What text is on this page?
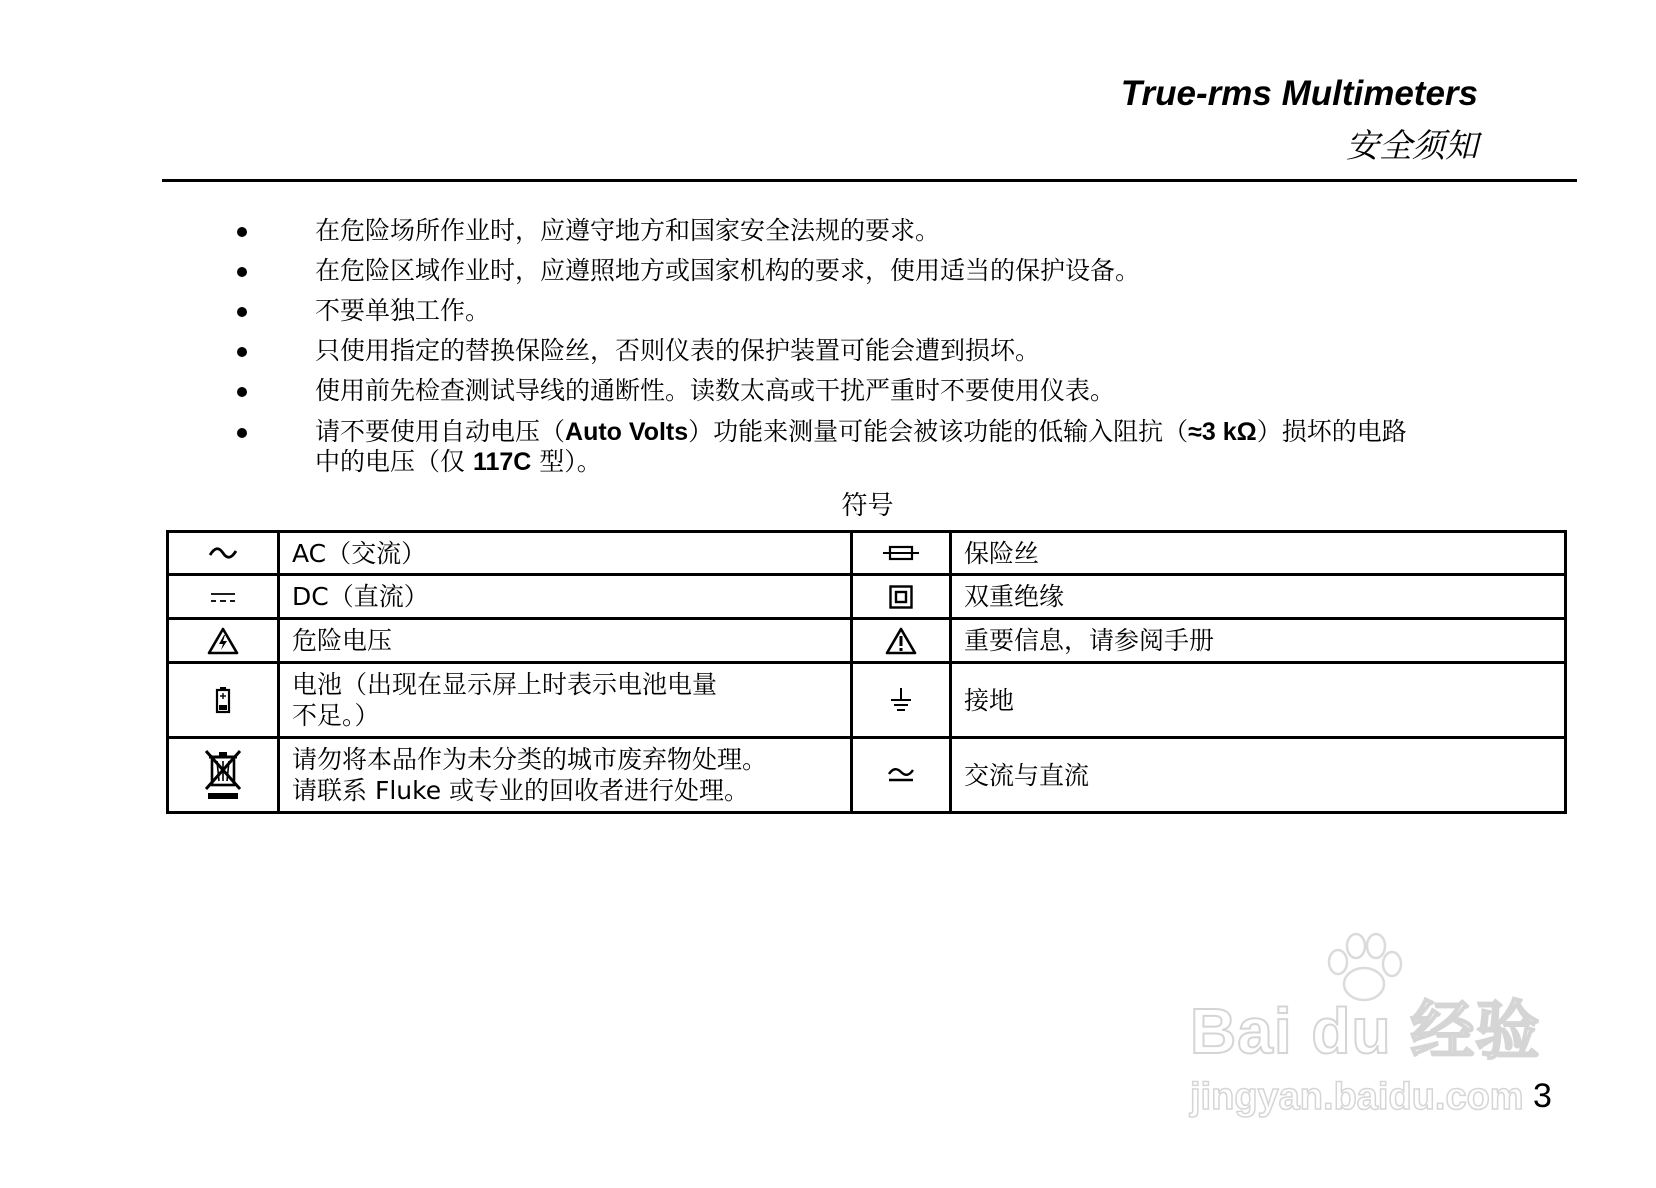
True-rms Multimeters
安全须知
在危险场所作业时，应遵守地方和国家安全法规的要求。
在危险区域作业时，应遵照地方或国家机构的要求，使用适当的保护设备。
不要单独工作。
只使用指定的替换保险丝，否则仪表的保护装置可能会遭到损坏。
使用前先检查测试导线的通断性。读数太高或干扰严重时不要使用仪表。
请不要使用自动电压（Auto Volts）功能来测量可能会被该功能的低输入阻抗（≈3 kΩ）损坏的电路
中的电压（仅 117C 型）。
符号

AC（交流）		保险丝

DC（直流）		双重绝缘

危险电压		重要信息，请参阅手册

电池（出现在显示屏上时表示电池电量
不足。）		接地

请勿将本品作为未分类的城市废弃物处理。
请联系 Fluke 或专业的回收者进行处理。		交流与直流
Bai du 经验
jingyan.baidu.com 3
